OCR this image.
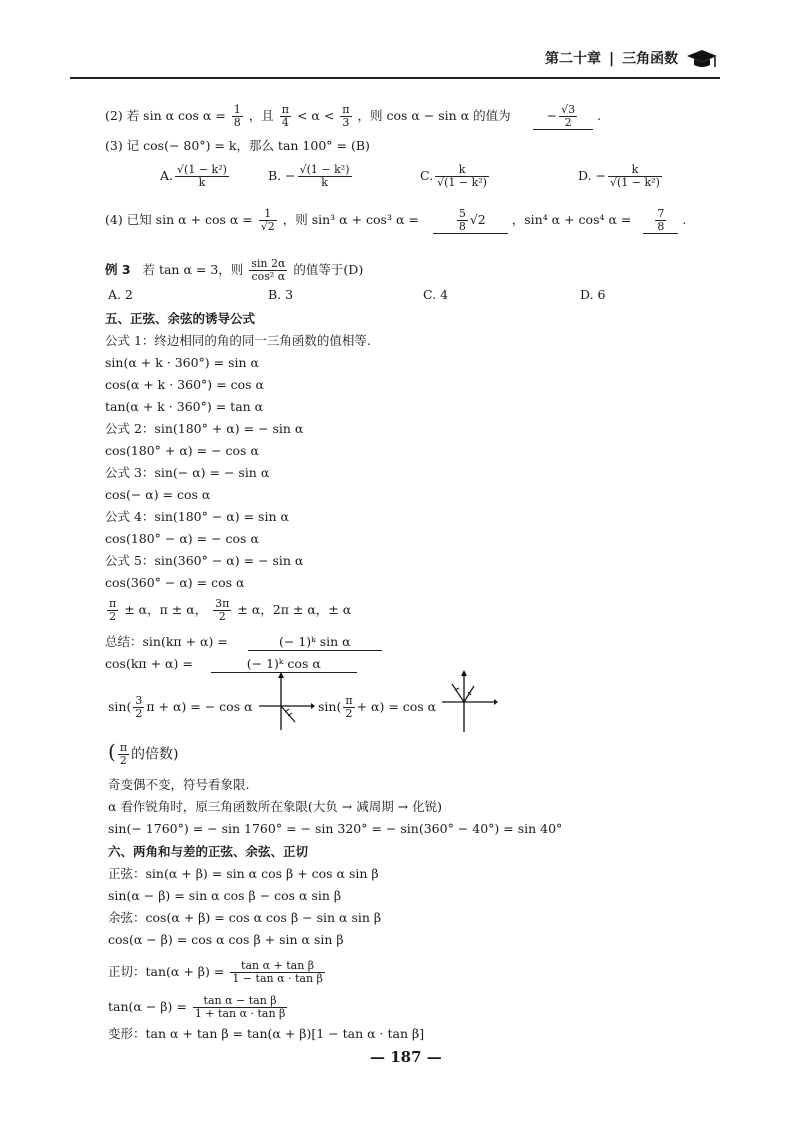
第二十章 | 三角函数
(2) 若 sin α $\cos \alpha = \frac{1}{8}$ ，且 $\frac{\pi}{4} < \alpha < \frac{\pi}{3}$ ，则 cos α − sin α 的值为	− $\frac{√3}{2}$ .
(3) 记 cos(− 80°) = k，那么 tan 100° = (B)
A. $\frac{\text{√(1 − k²)}}{k}$	B. − $\frac{\text{√(1 − k²)}}{k}$	C. $\frac{k}{\text{√(1 − k²)}}$	D. − $\frac{k}{\text{√(1 − k²)}}$
(4) 已知 $\sin \alpha + \cos \alpha = \frac{1}{√2}$ ，则 sin³ α + cos³ α =	$\frac{5}{8} √2$ ，sin⁴ α + cos⁴ $\alpha = \frac{7}{8}$ .
例 3 若 tan α = 3，则 $\frac{\sin 2\alpha}{\text{cos² α}}$ 的值等于(D)
A. 2	B. 3	C. 4	D. 6
五、正弦、余弦的诱导公式
公式 1：终边相同的角的同一三角函数的值相等.
sin(α + k · 360°) = sin α
cos(α + k · 360°) = cos α
tan(α + k · 360°) = tan α
公式 2：sin(180° + α) = − sin α
cos(180° + α) = − cos α
公式 3：sin(− α) = − sin α
cos(− α) = cos α
公式 4：sin(180° − α) = sin α
cos(180° − α) = − cos α
公式 5：sin(360° − α) = − sin α
cos(360° − α) = cos α
$\frac{\pi}{2} \pm \alpha$，π ± α， $\frac{3\pi}{2} \pm \alpha$，2π ± α，± α
总结：sin(kπ + α) =	(− 1)ᵏ sin α
cos(kπ + α) =	(− 1)ᵏ cos α
$\sin( \frac{3}{2}$ π + α) = − cos α	$\sin( \frac{\pi}{2} + \alpha) = \cos \alpha$
( $\frac{\pi}{2}$ 的倍数)
奇变偶不变，符号看象限.
α 看作锐角时，原三角函数所在象限(大负 → 减周期 → 化锐)
sin(− 1760°) = − sin 1760° = − sin 320° = − sin(360° − 40°) = sin 40°
六、两角和与差的正弦、余弦、正切
正弦：sin(α + β) = sin α cos β + cos α sin β
sin(α − β) = sin α cos β − cos α sin β
余弦：cos(α + β) = cos α cos β − sin α sin β
cos(α − β) = cos α cos β + sin α sin β
正切：$\tan(\alpha + \beta) = \frac{\text{tan α + tan β}}{\text{1 − tan α · tan β}}$
$\tan(\alpha - \beta) = \frac{\text{tan α − tan β}}{\text{1 + tan α · tan β}}$
变形：tan α + tan β = tan(α + β)[1 − tan α · tan β]
— 187 —
